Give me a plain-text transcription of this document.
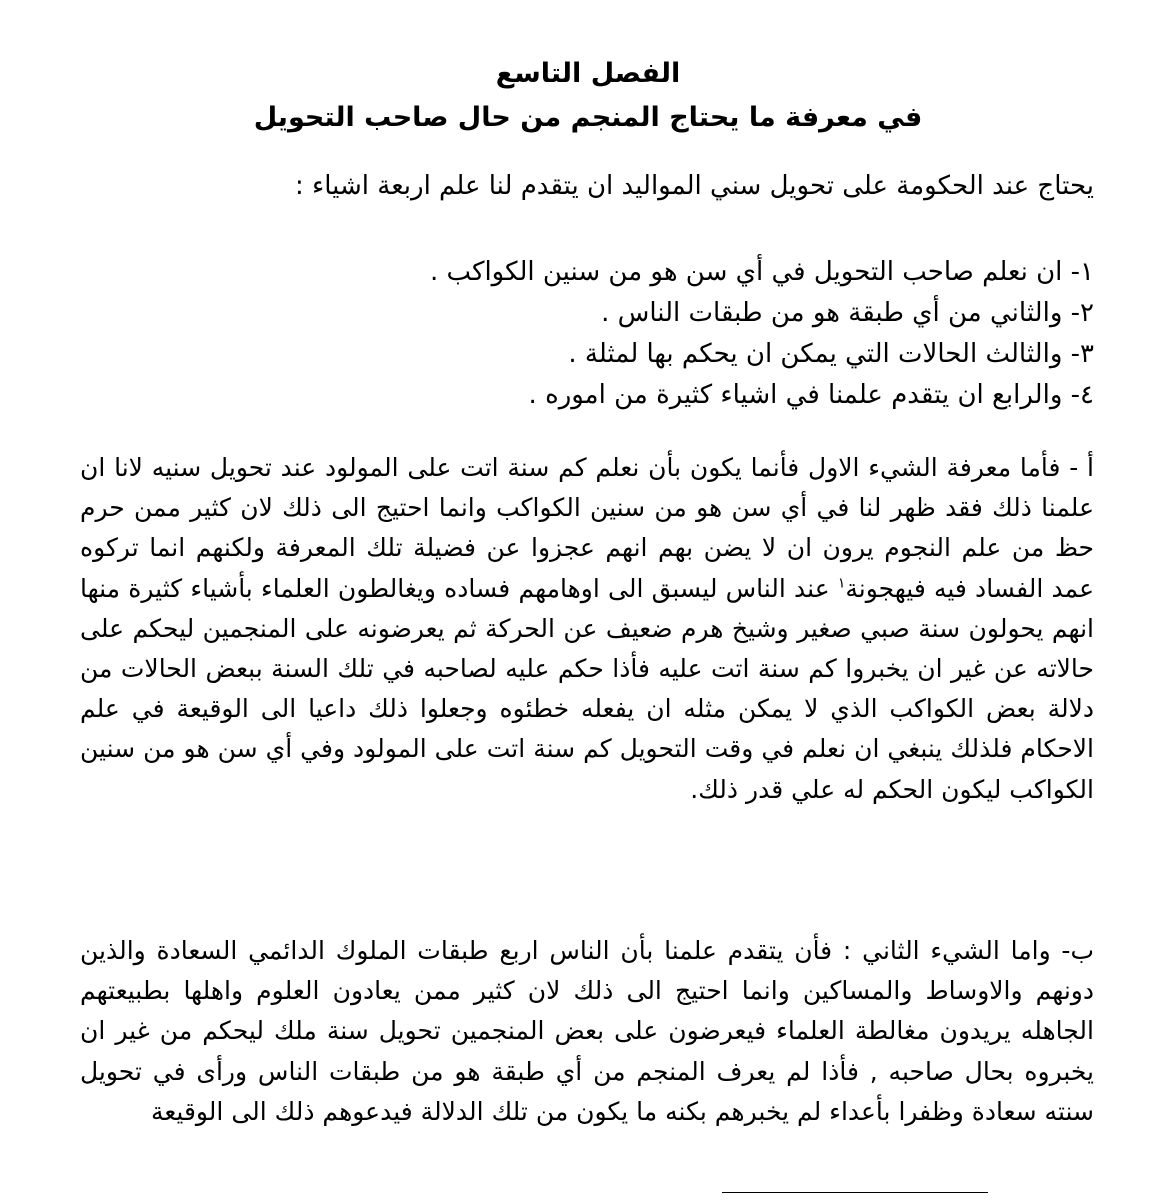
الفصل التاسع
في معرفة ما يحتاج المنجم من حال صاحب التحويل
يحتاج عند الحكومة على تحويل سني المواليد ان يتقدم لنا علم اربعة اشياء :
١- ان نعلم صاحب التحويل في أي سن هو من سنين الكواكب .
٢- والثاني من أي طبقة هو من طبقات الناس .
٣- والثالث الحالات التي يمكن ان يحكم بها لمثلة .
٤- والرابع ان يتقدم علمنا في اشياء كثيرة من اموره .

أ - فأما معرفة الشيء الاول فأنما يكون بأن نعلم كم سنة اتت على المولود عند تحويل سنيه لانا ان علمنا ذلك فقد ظهر لنا في أي سن هو من سنين الكواكب وانما احتيج الى ذلك لان كثير ممن حرم حظ من علم النجوم يرون ان لا يضن بهم انهم عجزوا عن فضيلة تلك المعرفة ولكنهم انما تركوه عمد الفساد فيه فيهجونة$^١$ عند الناس ليسبق الى اوهامهم فساده ويغالطون العلماء بأشياء كثيرة منها انهم يحولون سنة صبي صغير وشيخ هرم ضعيف عن الحركة ثم يعرضونه على المنجمين ليحكم على حالاته عن غير ان يخبروا كم سنة اتت عليه فأذا حكم عليه لصاحبه في تلك السنة ببعض الحالات من دلالة بعض الكواكب الذي لا يمكن مثله ان يفعله خطئوه وجعلوا ذلك داعيا الى الوقيعة في علم الاحكام فلذلك ينبغي ان نعلم في وقت التحويل كم سنة اتت على المولود وفي أي سن هو من سنين الكواكب ليكون الحكم له علي قدر ذلك.

ب- واما الشيء الثاني : فأن يتقدم علمنا بأن الناس اربع طبقات الملوك الدائمي السعادة والذين دونهم والاوساط والمساكين وانما احتيج الى ذلك لان كثير ممن يعادون العلوم واهلها بطبيعتهم الجاهله يريدون مغالطة العلماء فيعرضون على بعض المنجمين تحويل سنة ملك ليحكم من غير ان يخبروه بحال صاحبه , فأذا لم يعرف المنجم من أي طبقة هو من طبقات الناس ورأى في تحويل سنته سعادة وظفرا بأعداء لم يخبرهم بكنه ما يكون من تلك الدلالة فيدعوهم ذلك الى الوقيعة
